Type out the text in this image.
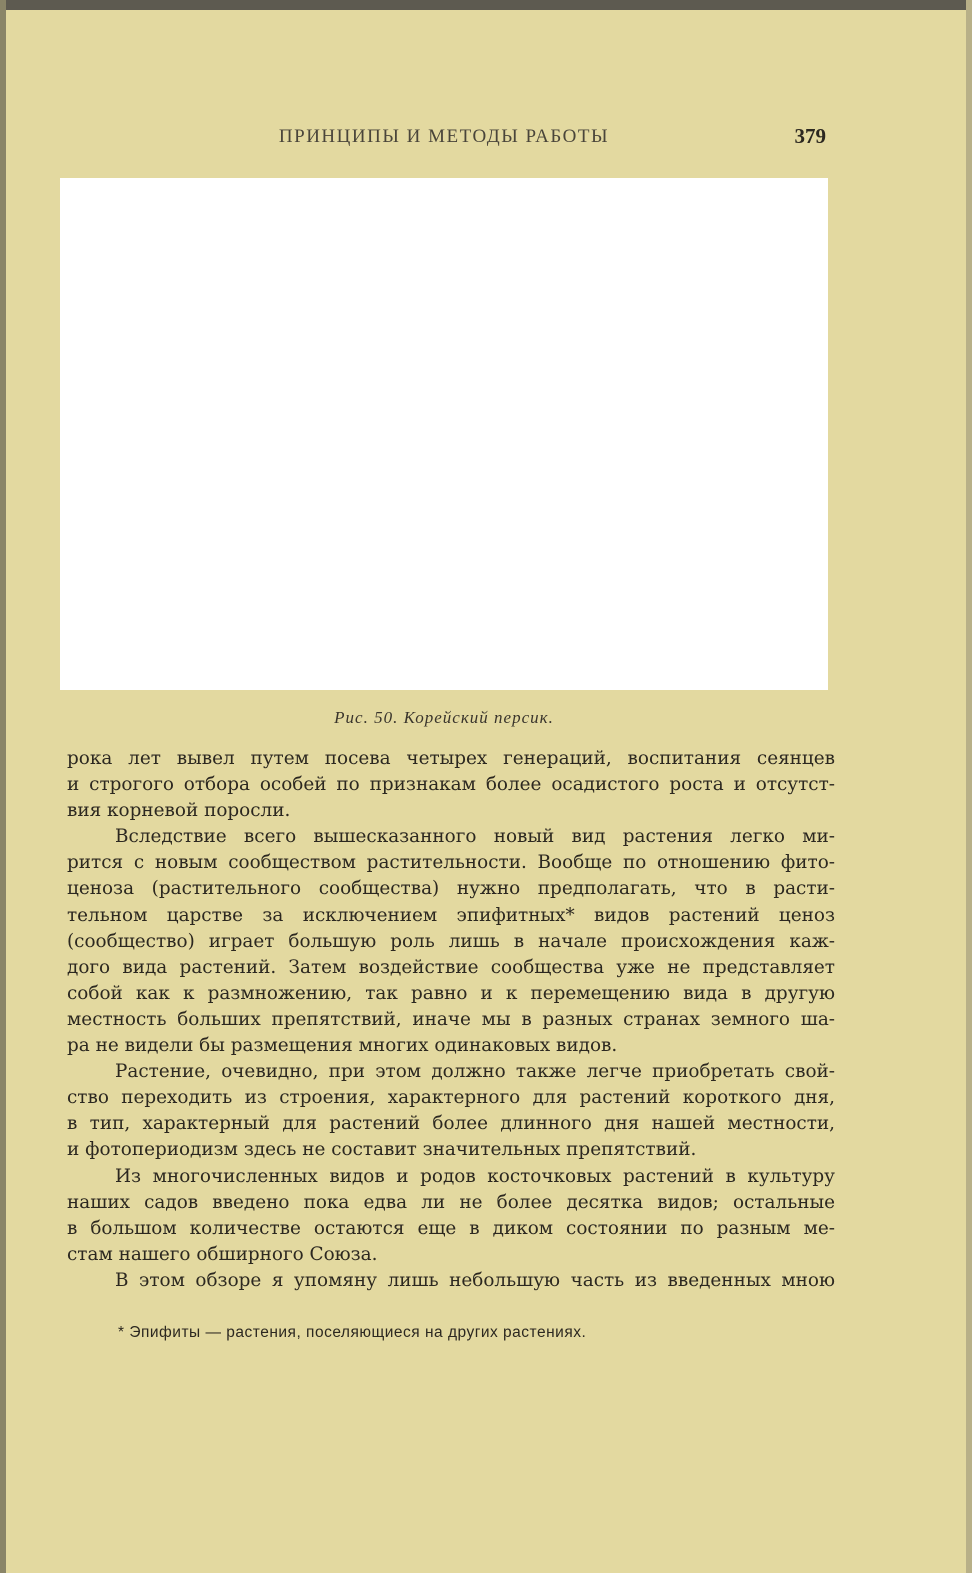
ПРИНЦИПЫ И МЕТОДЫ РАБОТЫ	379
Рис. 50. Корейский персик.
рока лет вывел путем посева четырех генераций, воспитания сеянцев
и строгого отбора особей по признакам более осадистого роста и отсутст-
вия корневой поросли.
Вследствие всего вышесказанного новый вид растения легко ми-
рится с новым сообществом растительности. Вообще по отношению фито-
ценоза (растительного сообщества) нужно предполагать, что в расти-
тельном царстве за исключением эпифитных* видов растений ценоз
(сообщество) играет большую роль лишь в начале происхождения каж-
дого вида растений. Затем воздействие сообщества уже не представляет
собой как к размножению, так равно и к перемещению вида в другую
местность больших препятствий, иначе мы в разных странах земного ша-
ра не видели бы размещения многих одинаковых видов.
Растение, очевидно, при этом должно также легче приобретать свой-
ство переходить из строения, характерного для растений короткого дня,
в тип, характерный для растений более длинного дня нашей местности,
и фотопериодизм здесь не составит значительных препятствий.
Из многочисленных видов и родов косточковых растений в культуру
наших садов введено пока едва ли не более десятка видов; остальные
в большом количестве остаются еще в диком состоянии по разным ме-
стам нашего обширного Союза.
В этом обзоре я упомяну лишь небольшую часть из введенных мною
* Эпифиты — растения, поселяющиеся на других растениях.
